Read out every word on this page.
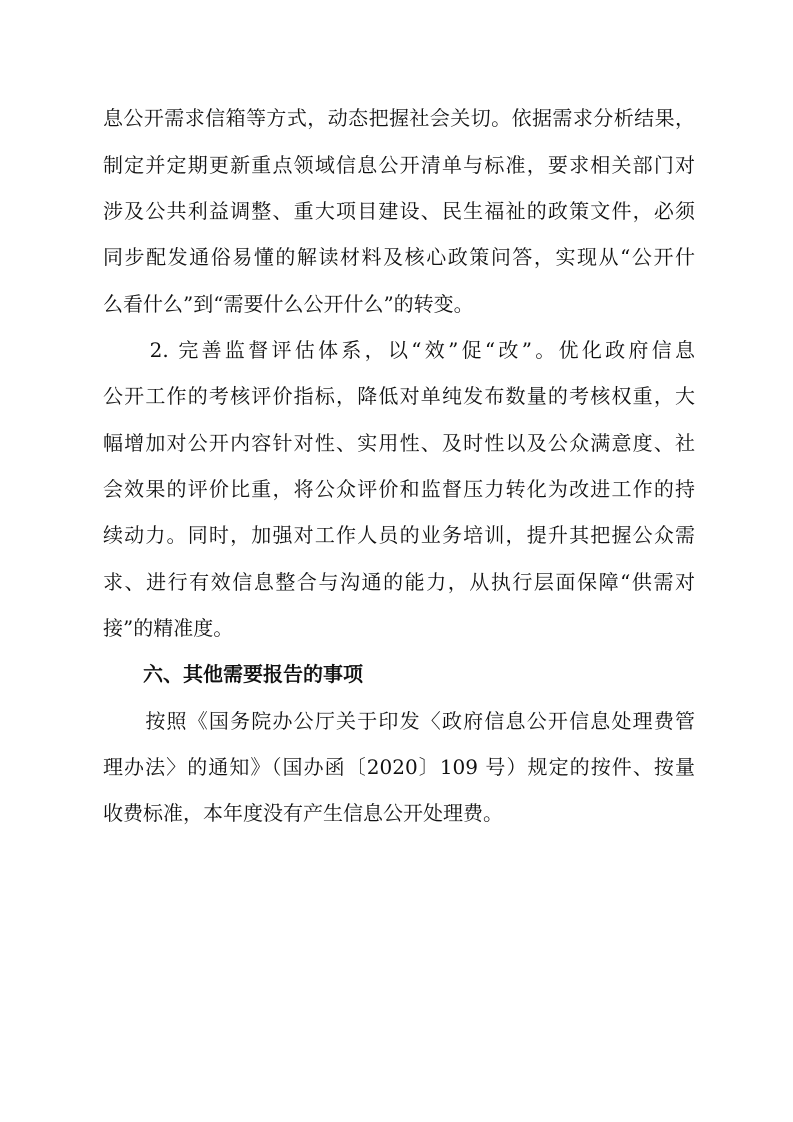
息公开需求信箱等方式，动态把握社会关切。依据需求分析结果，
制定并定期更新重点领域信息公开清单与标准，要求相关部门对
涉及公共利益调整、重大项目建设、民生福祉的政策文件，必须
同步配发通俗易懂的解读材料及核心政策问答，实现从“公开什
么看什么”到“需要什么公开什么”的转变。
　　2. 完善监督评估体系，以“效”促“改”。优化政府信息
公开工作的考核评价指标，降低对单纯发布数量的考核权重，大
幅增加对公开内容针对性、实用性、及时性以及公众满意度、社
会效果的评价比重，将公众评价和监督压力转化为改进工作的持
续动力。同时，加强对工作人员的业务培训，提升其把握公众需
求、进行有效信息整合与沟通的能力，从执行层面保障“供需对
接”的精准度。
　　六、其他需要报告的事项
　　按照《国务院办公厅关于印发〈政府信息公开信息处理费管
理办法〉的通知》（国办函〔2020〕109 号）规定的按件、按量
收费标准，本年度没有产生信息公开处理费。
